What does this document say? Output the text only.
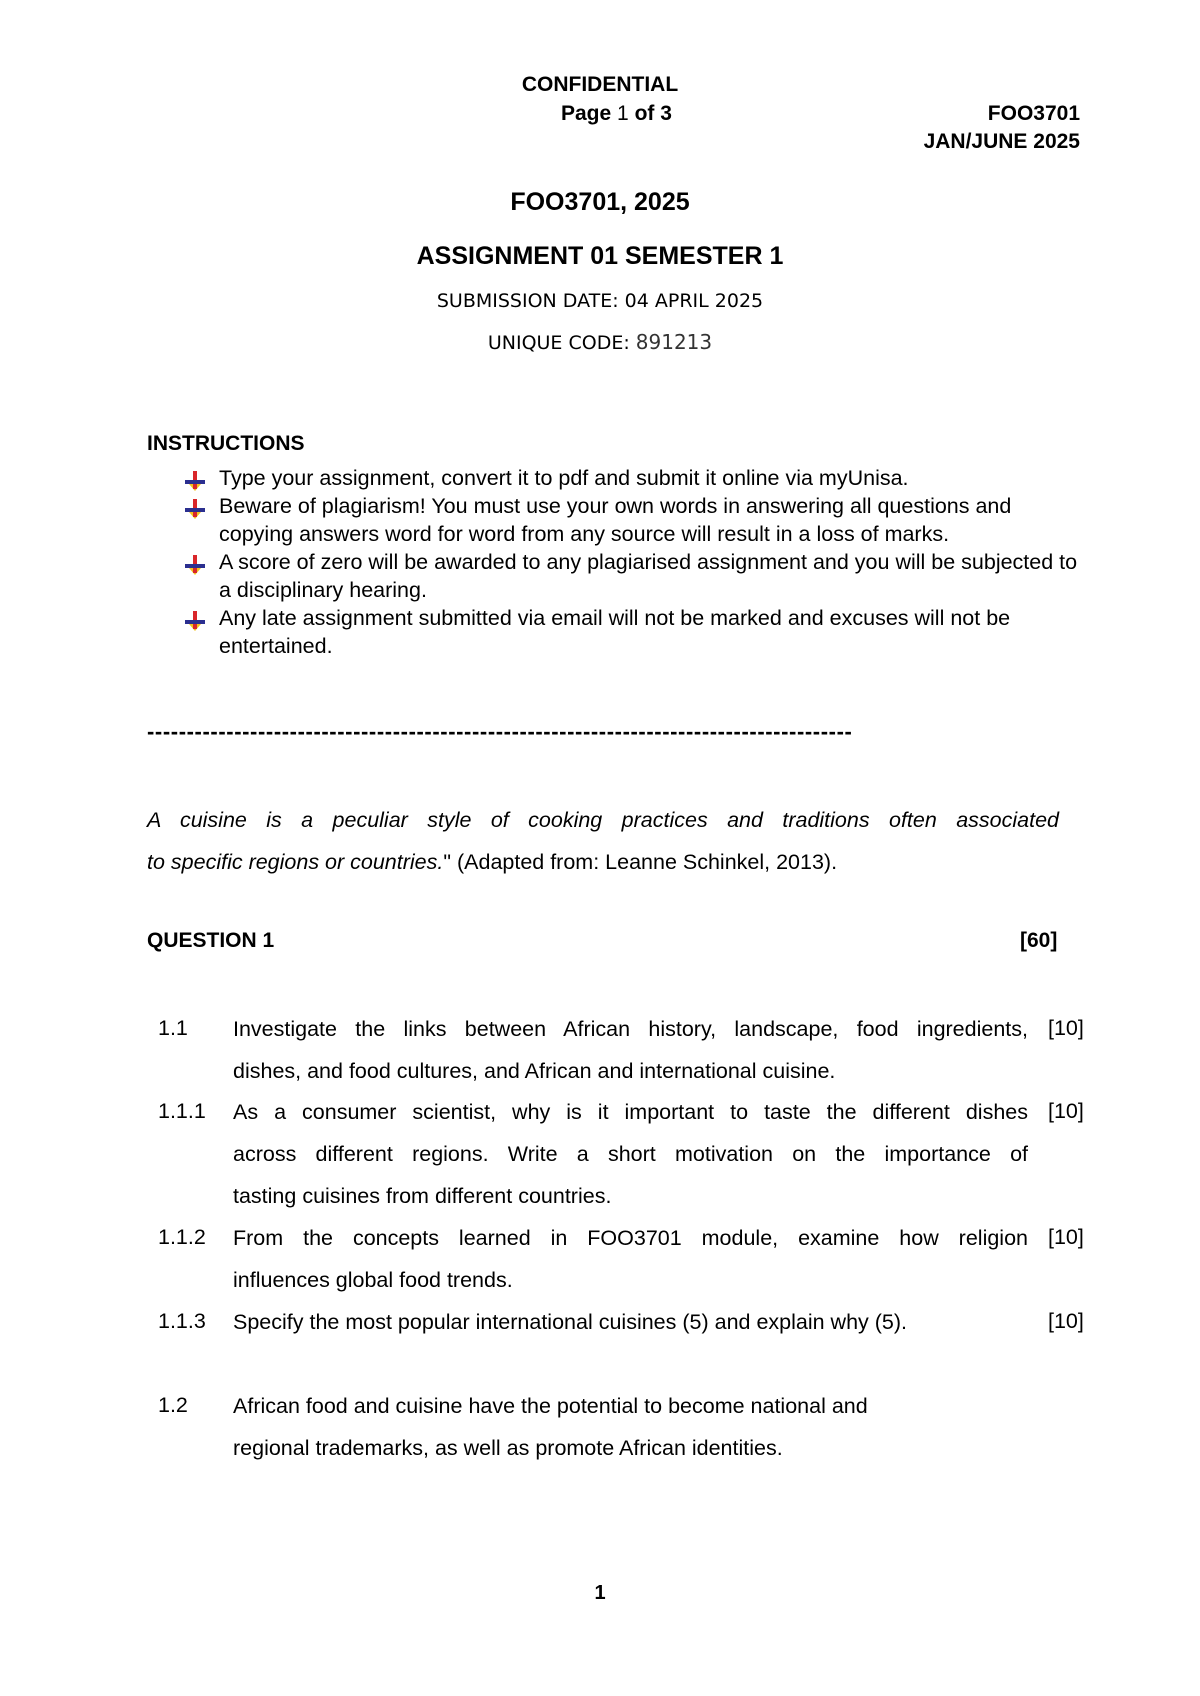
CONFIDENTIAL
Page 1 of 3	FOO3701
JAN/JUNE 2025
FOO3701, 2025
ASSIGNMENT 01 SEMESTER 1
SUBMISSION DATE: 04 APRIL 2025
UNIQUE CODE: 891213
INSTRUCTIONS
Type your assignment, convert it to pdf and submit it online via myUnisa.
Beware of plagiarism! You must use your own words in answering all questions and copying answers word for word from any source will result in a loss of marks.
A score of zero will be awarded to any plagiarised assignment and you will be subjected to a disciplinary hearing.
Any late assignment submitted via email will not be marked and excuses will not be entertained.
-----------------------------------------------------------------------------------------
A cuisine is a peculiar style of cooking practices and traditions often associated
to specific regions or countries." (Adapted from: Leanne Schinkel, 2013).
QUESTION 1	[60]
1.1 Investigate the links between African history, landscape, food ingredients,
dishes, and food cultures, and African and international cuisine.
[10]
1.1.1 As a consumer scientist, why is it important to taste the different dishes
across different regions. Write a short motivation on the importance of
tasting cuisines from different countries.
[10]
1.1.2 From the concepts learned in FOO3701 module, examine how religion
influences global food trends.
[10]
1.1.3 Specify the most popular international cuisines (5) and explain why (5).	[10]
1.2 African food and cuisine have the potential to become national and
regional trademarks, as well as promote African identities.
1
